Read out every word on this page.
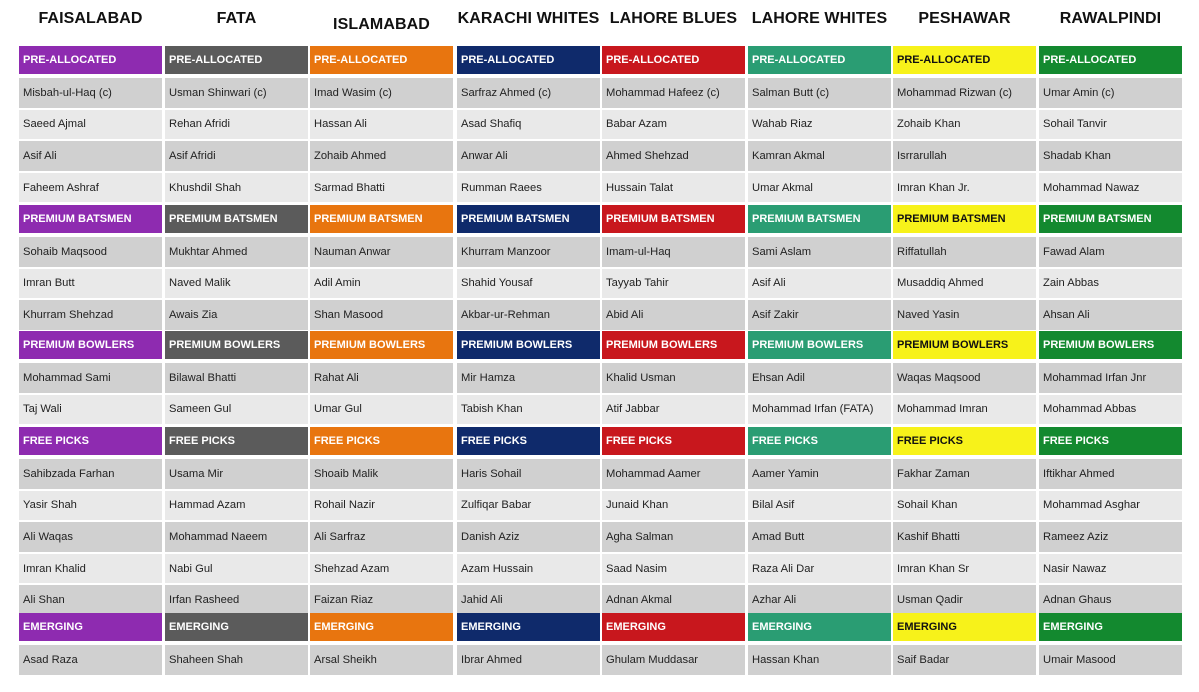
FAISALABAD
PRE-ALLOCATED
Misbah-ul-Haq (c)
Saeed Ajmal
Asif Ali
Faheem Ashraf
PREMIUM BATSMEN
Sohaib Maqsood
Imran Butt
Khurram Shehzad
PREMIUM BOWLERS
Mohammad Sami
Taj Wali
FREE PICKS
Sahibzada Farhan
Yasir Shah
Ali Waqas
Imran Khalid
Ali Shan
EMERGING
Asad Raza
FATA
PRE-ALLOCATED
Usman Shinwari (c)
Rehan Afridi
Asif Afridi
Khushdil Shah
PREMIUM BATSMEN
Mukhtar Ahmed
Naved Malik
Awais Zia
PREMIUM BOWLERS
Bilawal Bhatti
Sameen Gul
FREE PICKS
Usama Mir
Hammad Azam
Mohammad Naeem
Nabi Gul
Irfan Rasheed
EMERGING
Shaheen Shah
ISLAMABAD
PRE-ALLOCATED
Imad Wasim (c)
Hassan Ali
Zohaib Ahmed
Sarmad Bhatti
PREMIUM BATSMEN
Nauman Anwar
Adil Amin
Shan Masood
PREMIUM BOWLERS
Rahat Ali
Umar Gul
FREE PICKS
Shoaib Malik
Rohail Nazir
Ali Sarfraz
Shehzad Azam
Faizan Riaz
EMERGING
Arsal Sheikh
KARACHI WHITES
PRE-ALLOCATED
Sarfraz Ahmed (c)
Asad Shafiq
Anwar Ali
Rumman Raees
PREMIUM BATSMEN
Khurram Manzoor
Shahid Yousaf
Akbar-ur-Rehman
PREMIUM BOWLERS
Mir Hamza
Tabish Khan
FREE PICKS
Haris Sohail
Zulfiqar Babar
Danish Aziz
Azam Hussain
Jahid Ali
EMERGING
Ibrar Ahmed
LAHORE BLUES
PRE-ALLOCATED
Mohammad Hafeez (c)
Babar Azam
Ahmed Shehzad
Hussain Talat
PREMIUM BATSMEN
Imam-ul-Haq
Tayyab Tahir
Abid Ali
PREMIUM BOWLERS
Khalid Usman
Atif Jabbar
FREE PICKS
Mohammad Aamer
Junaid Khan
Agha Salman
Saad Nasim
Adnan Akmal
EMERGING
Ghulam Muddasar
LAHORE WHITES
PRE-ALLOCATED
Salman Butt (c)
Wahab Riaz
Kamran Akmal
Umar Akmal
PREMIUM BATSMEN
Sami Aslam
Asif Ali
Asif Zakir
PREMIUM BOWLERS
Ehsan Adil
Mohammad Irfan (FATA)
FREE PICKS
Aamer Yamin
Bilal Asif
Amad Butt
Raza Ali Dar
Azhar Ali
EMERGING
Hassan Khan
PESHAWAR
PRE-ALLOCATED
Mohammad Rizwan (c)
Zohaib Khan
Isrrarullah
Imran Khan Jr.
PREMIUM BATSMEN
Riffatullah
Musaddiq Ahmed
Naved Yasin
PREMIUM BOWLERS
Waqas Maqsood
Mohammad Imran
FREE PICKS
Fakhar Zaman
Sohail Khan
Kashif Bhatti
Imran Khan Sr
Usman Qadir
EMERGING
Saif Badar
RAWALPINDI
PRE-ALLOCATED
Umar Amin (c)
Sohail Tanvir
Shadab Khan
Mohammad Nawaz
PREMIUM BATSMEN
Fawad Alam
Zain Abbas
Ahsan Ali
PREMIUM BOWLERS
Mohammad Irfan Jnr
Mohammad Abbas
FREE PICKS
Iftikhar Ahmed
Mohammad Asghar
Rameez Aziz
Nasir Nawaz
Adnan Ghaus
EMERGING
Umair Masood
